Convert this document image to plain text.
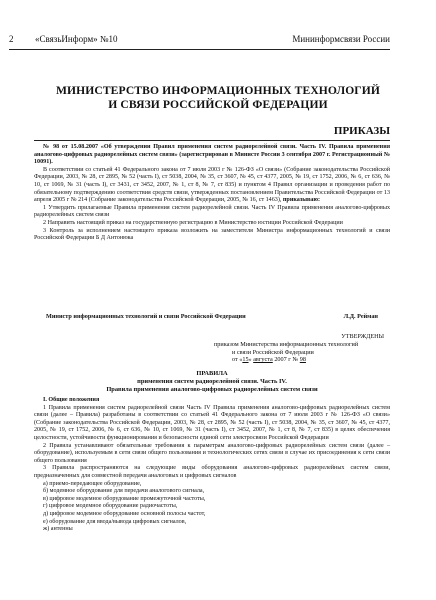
2 «СвязьИнформ» №10	Мининформсвязи России
МИНИСТЕРСТВО ИНФОРМАЦИОННЫХ ТЕХНОЛОГИЙ
И СВЯЗИ РОССИЙСКОЙ ФЕДЕРАЦИИ
ПРИКАЗЫ

№ 98 от 15.08.2007 «Об утверждении Правил применения систем радиорелейной связи. Часть IV. Правила применения аналогово-цифровых радиорелейных систем связи» (зарегистрирован в Министе России 3 сентября 2007 г. Регистрационный № 10091).

В соответствии со статьей 41 Федерального закона от 7 июля 2003 г № 126-ФЗ «О связи» (Собрание законодательства Российской Федерации, 2003, № 28, ст 2895, № 52 (часть I), ст 5038, 2004, № 35, ст 3607, № 45, ст 4377, 2005, № 19, ст 1752, 2006, № 6, ст 636, № 10, ст 1069, № 31 (часть I), ст 3431, ст 3452, 2007, № 1, ст 8, № 7, ст 835) и пунктом 4 Правил организации и проведения работ по обязательному подтверждению соответствия средств связи, утвержденных постановлением Правительства Российской Федерации от 13 апреля 2005 г № 214 (Собрание законодательства Российской Федерации, 2005, № 16, ст 1463), приказываю:

1 Утвердить прилагаемые Правила применения систем радиорелейной связи. Часть IV Правила применения аналогово-цифровых радиорелейных систем связи

2 Направить настоящий приказ на государственную регистрацию в Министерство юстиции Российской Федерации

3 Контроль за исполнением настоящего приказа возложить на заместителя Министра информационных технологий и связи Российской Федерации Б Д Антонюка

Министр информационных технологий и связи Российской Федерации	Л.Д. Рейман
УТВЕРЖДЕНЫ
приказом Министерства информационных технологий
и связи Российской Федерации
от «15» августа 2007 г № 98
ПРАВИЛА
применения систем радиорелейной связи. Часть IV.
Правила применения аналогово-цифровых радиорелейных систем связи

I. Общие положения

1 Правила применения систем радиорелейной связи Часть IV Правила применения аналогово-цифровых радиорелейных систем связи (далее – Правила) разработаны в соответствии со статьей 41 Федерального закона от 7 июля 2003 г № 126-ФЗ «О связи» (Собрание законодательства Российской Федерации, 2003, № 28, ст 2895, № 52 (часть I), ст 5038, 2004, № 35, ст 3607, № 45, ст 4377, 2005, № 19, ст 1752, 2006, № 6, ст 636, № 10, ст 1069, № 31 (часть I), ст 3452, 2007, № 1, ст 8, № 7, ст 835) в целях обеспечения целостности, устойчивости функционирования и безопасности единой сети электросвязи Российской Федерации

2 Правила устанавливают обязательные требования к параметрам аналогово-цифровых радиорелейных систем связи (далее – оборудование), используемым в сети связи общего пользования и технологических сетях связи в случае их присоединения к сети связи общего пользования

3 Правила распространяются на следующие виды оборудования аналогово-цифровых радиорелейных систем связи, предназначенных для совместной передачи аналоговых и цифровых сигналов

а) приемо-передающее оборудование,

б) модемное оборудование для передачи аналогового сигнала,

в) цифровое модемное оборудование промежуточной частоты,

г) цифровое модемное оборудование радиочастоты,

д) цифровое модемное оборудование основной полосы частот,

е) оборудование для ввода/вывода цифровых сигналов,

ж) антенны
